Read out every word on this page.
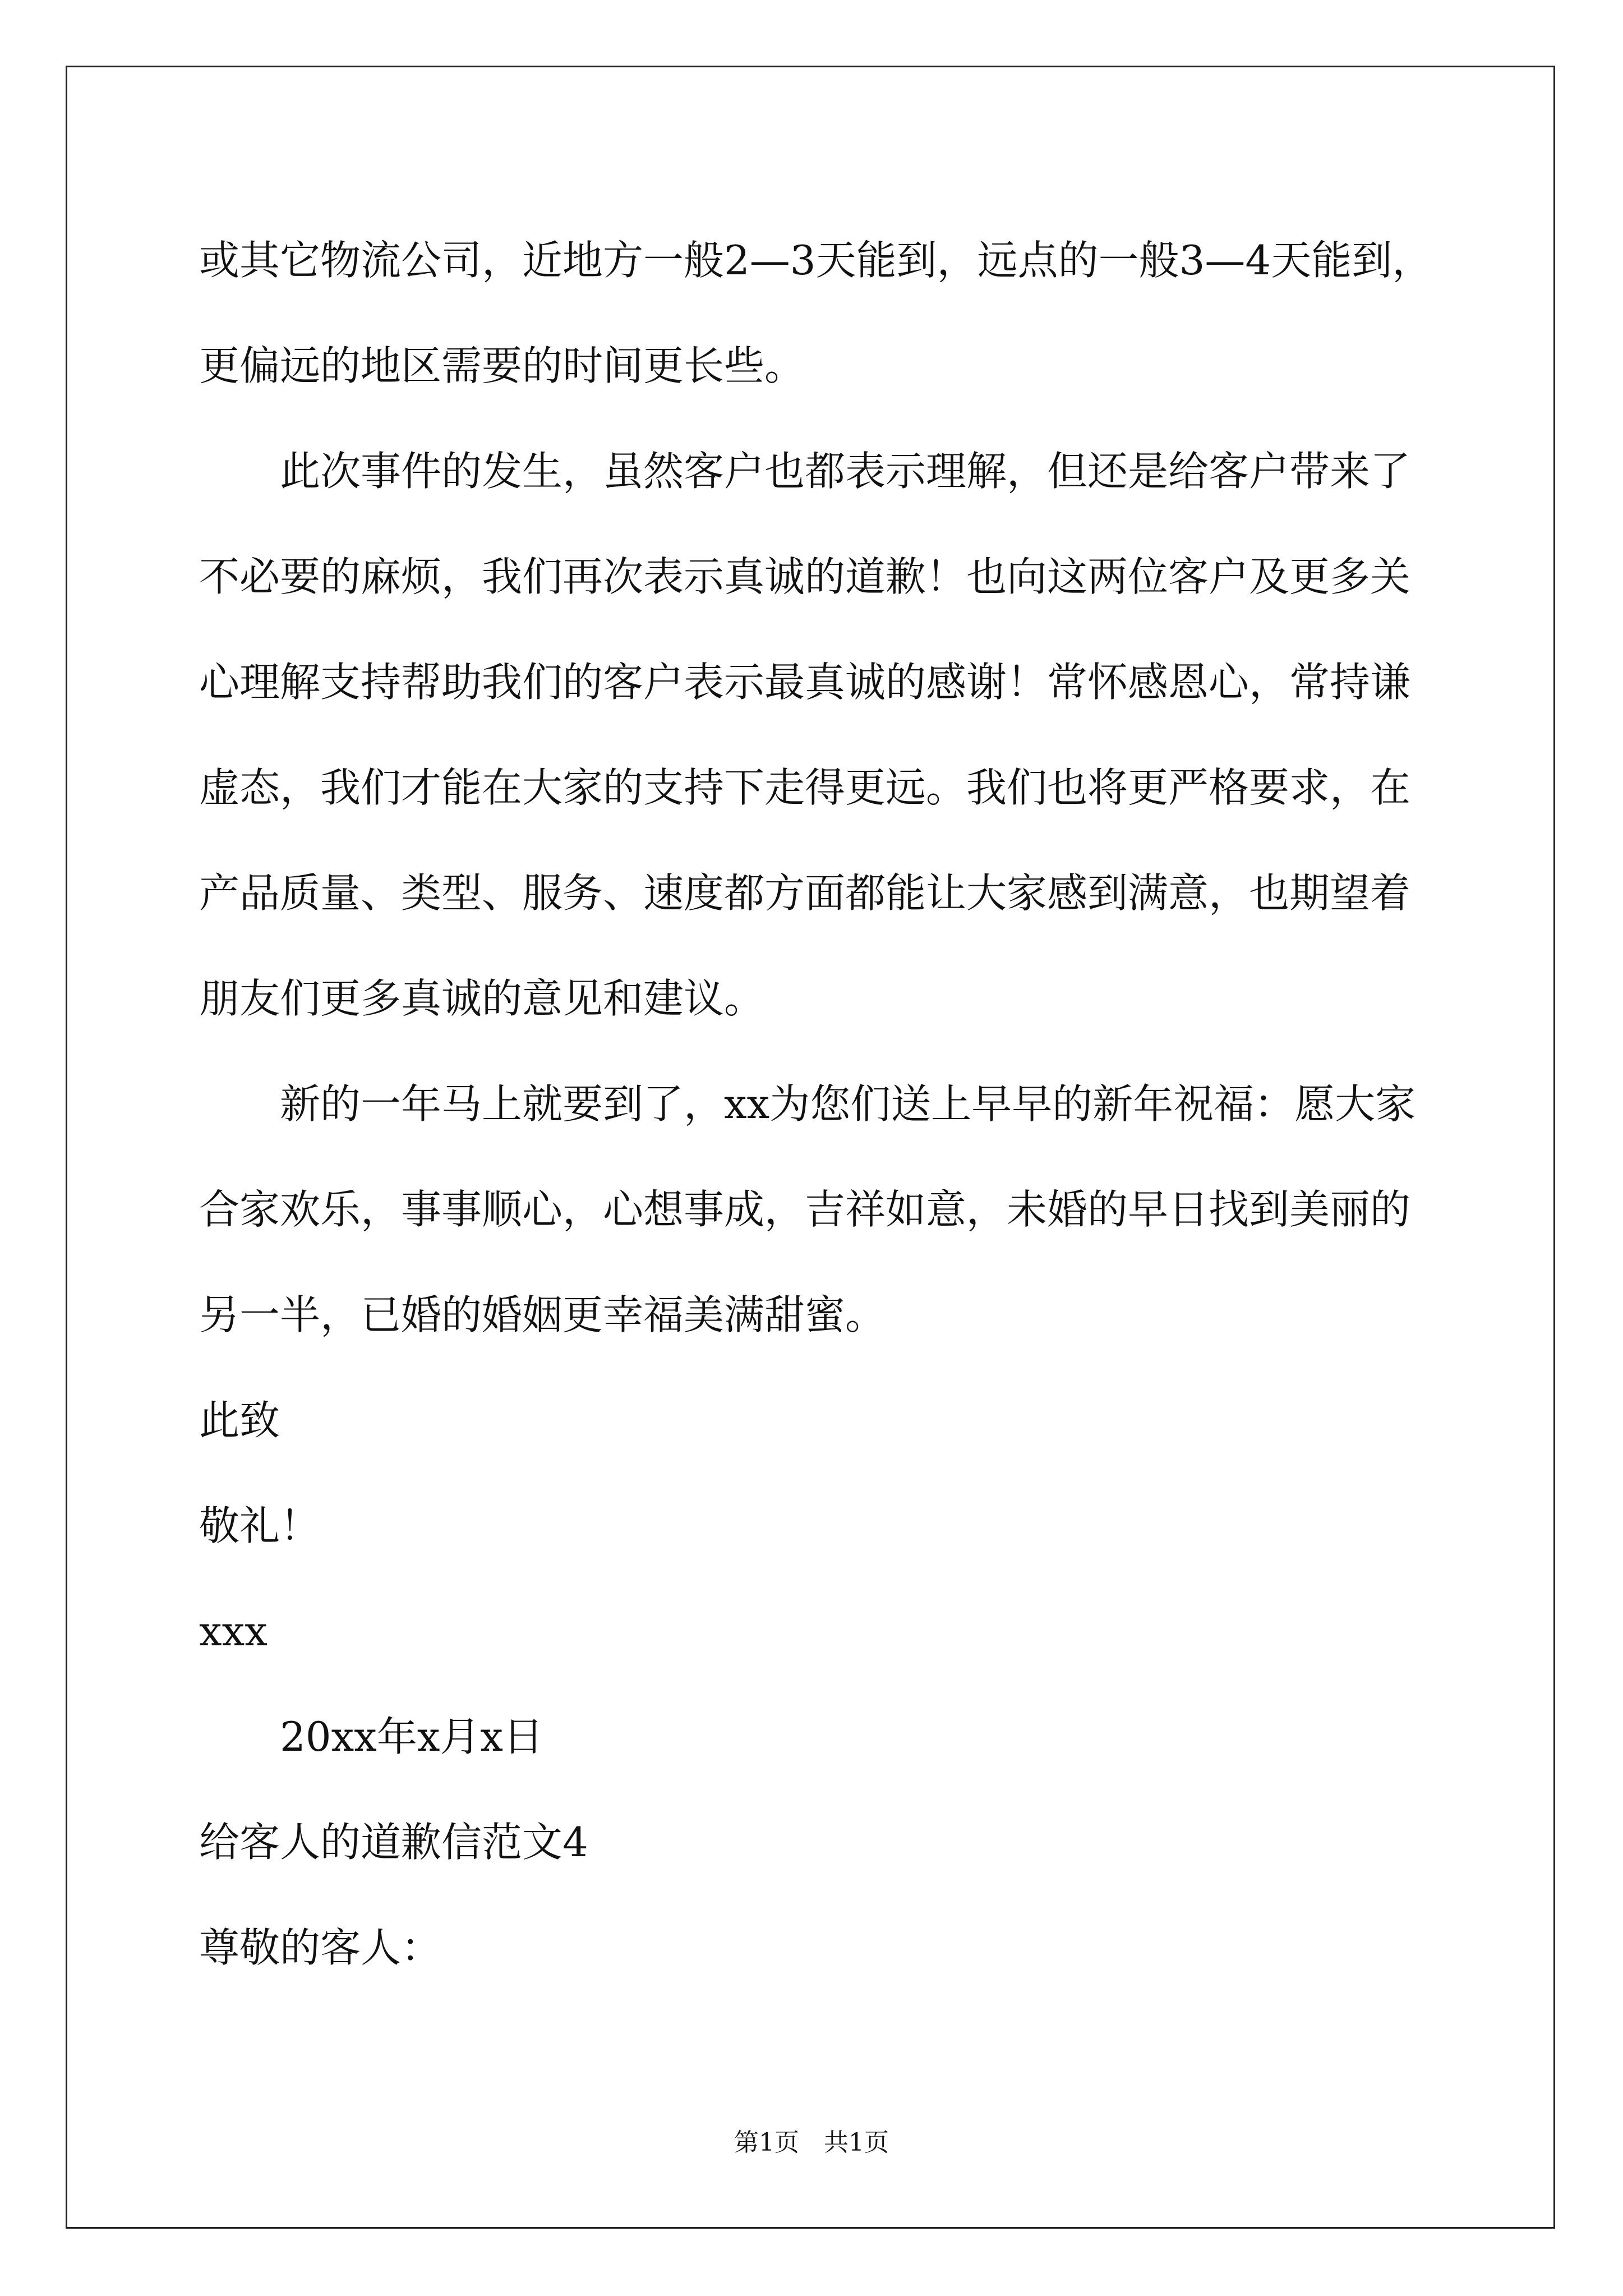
或其它物流公司，近地方一般2—3天能到，远点的一般3—4天能到，
更偏远的地区需要的时间更长些。
此次事件的发生，虽然客户也都表示理解，但还是给客户带来了
不必要的麻烦，我们再次表示真诚的道歉！也向这两位客户及更多关
心理解支持帮助我们的客户表示最真诚的感谢！常怀感恩心，常持谦
虚态，我们才能在大家的支持下走得更远。我们也将更严格要求，在
产品质量、类型、服务、速度都方面都能让大家感到满意，也期望着
朋友们更多真诚的意见和建议。
新的一年马上就要到了，xx为您们送上早早的新年祝福：愿大家
合家欢乐，事事顺心，心想事成，吉祥如意，未婚的早日找到美丽的
另一半，已婚的婚姻更幸福美满甜蜜。
此致
敬礼！
xxx
20xx年x月x日
给客人的道歉信范文4
尊敬的客人：
第1页　共1页
